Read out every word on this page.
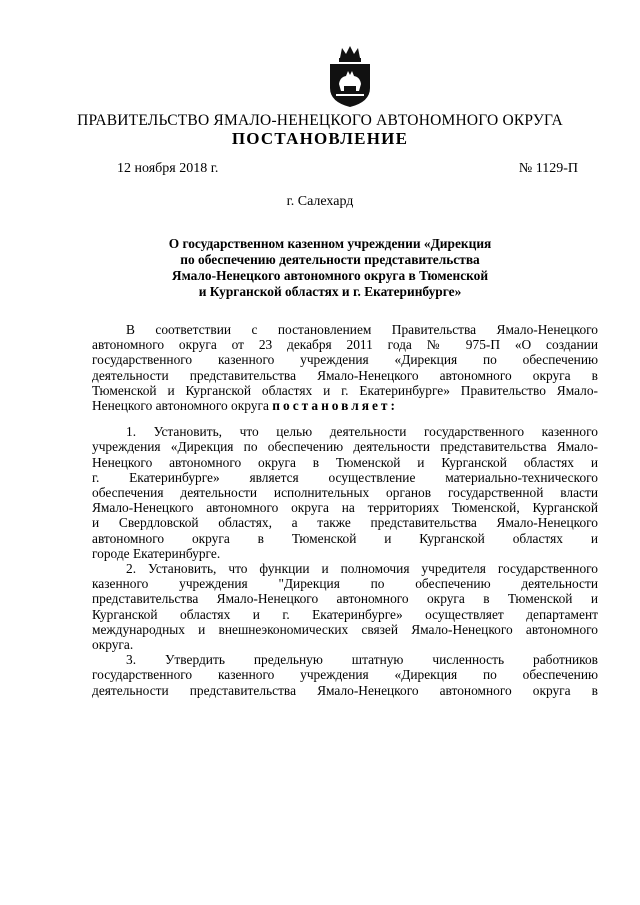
ПРАВИТЕЛЬСТВО ЯМАЛО-НЕНЕЦКОГО АВТОНОМНОГО ОКРУГА
ПОСТАНОВЛЕНИЕ
12 ноября 2018 г.	№ 1129-П
г. Салехард
О государственном казенном учреждении «Дирекция
по обеспечению деятельности представительства
Ямало-Ненецкого автономного округа в Тюменской
и Курганской областях и г. Екатеринбурге»

В соответствии с постановлением Правительства Ямало-Ненецкого
автономного округа от 23 декабря 2011 года № 975-П «О создании
государственного казенного учреждения «Дирекция по обеспечению
деятельности представительства Ямало-Ненецкого автономного округа в
Тюменской и Курганской областях и г. Екатеринбурге» Правительство Ямало-
Ненецкого автономного округа постановляет:

1. Установить, что целью деятельности государственного казенного
учреждения «Дирекция по обеспечению деятельности представительства Ямало-
Ненецкого автономного округа в Тюменской и Курганской областях и
г. Екатеринбурге» является осуществление материально-технического
обеспечения деятельности исполнительных органов государственной власти
Ямало-Ненецкого автономного округа на территориях Тюменской, Курганской
и Свердловской областях, а также представительства Ямало-Ненецкого
автономного округа в Тюменской и Курганской областях и
городе Екатеринбурге.

2. Установить, что функции и полномочия учредителя государственного
казенного учреждения "Дирекция по обеспечению деятельности
представительства Ямало-Ненецкого автономного округа в Тюменской и
Курганской областях и г. Екатеринбурге» осуществляет департамент
международных и внешнеэкономических связей Ямало-Ненецкого автономного
округа.

3. Утвердить предельную штатную численность работников
государственного казенного учреждения «Дирекция по обеспечению
деятельности представительства Ямало-Ненецкого автономного округа в
